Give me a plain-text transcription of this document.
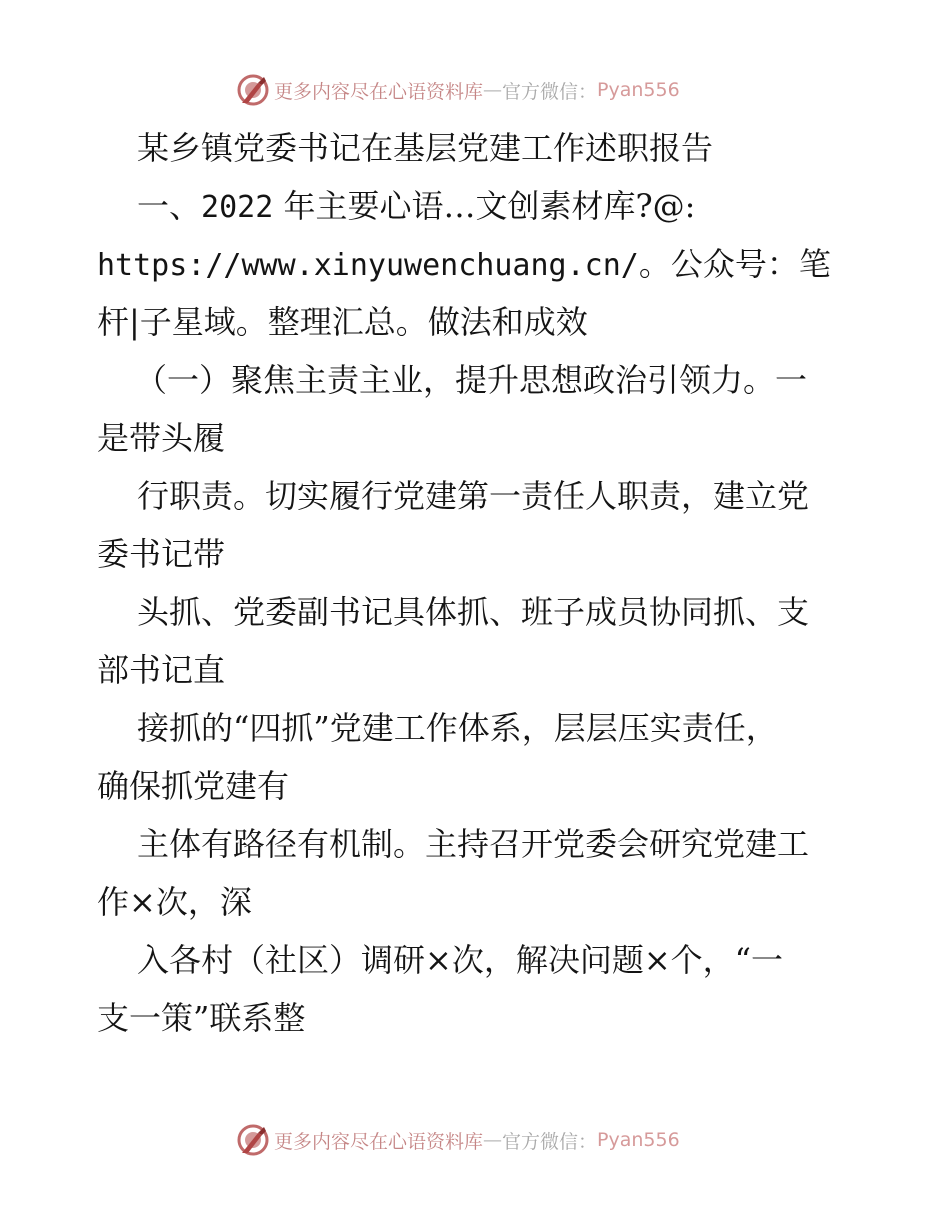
更多内容尽在心语资料库 — 官方微信： Pyan556
某乡镇党委书记在基层党建工作述职报告
一、2022 年主要心语…文创素材库?@:
https://www.xinyuwenchuang.cn/。公众号：笔
杆|子星域。整理汇总。做法和成效
（一）聚焦主责主业，提升思想政治引领力。一
是带头履
行职责。切实履行党建第一责任人职责，建立党
委书记带
头抓、党委副书记具体抓、班子成员协同抓、支
部书记直
接抓的“四抓”党建工作体系，层层压实责任，
确保抓党建有
主体有路径有机制。主持召开党委会研究党建工
作×次，深
入各村（社区）调研×次，解决问题×个，“一
支一策”联系整
更多内容尽在心语资料库 — 官方微信： Pyan556
